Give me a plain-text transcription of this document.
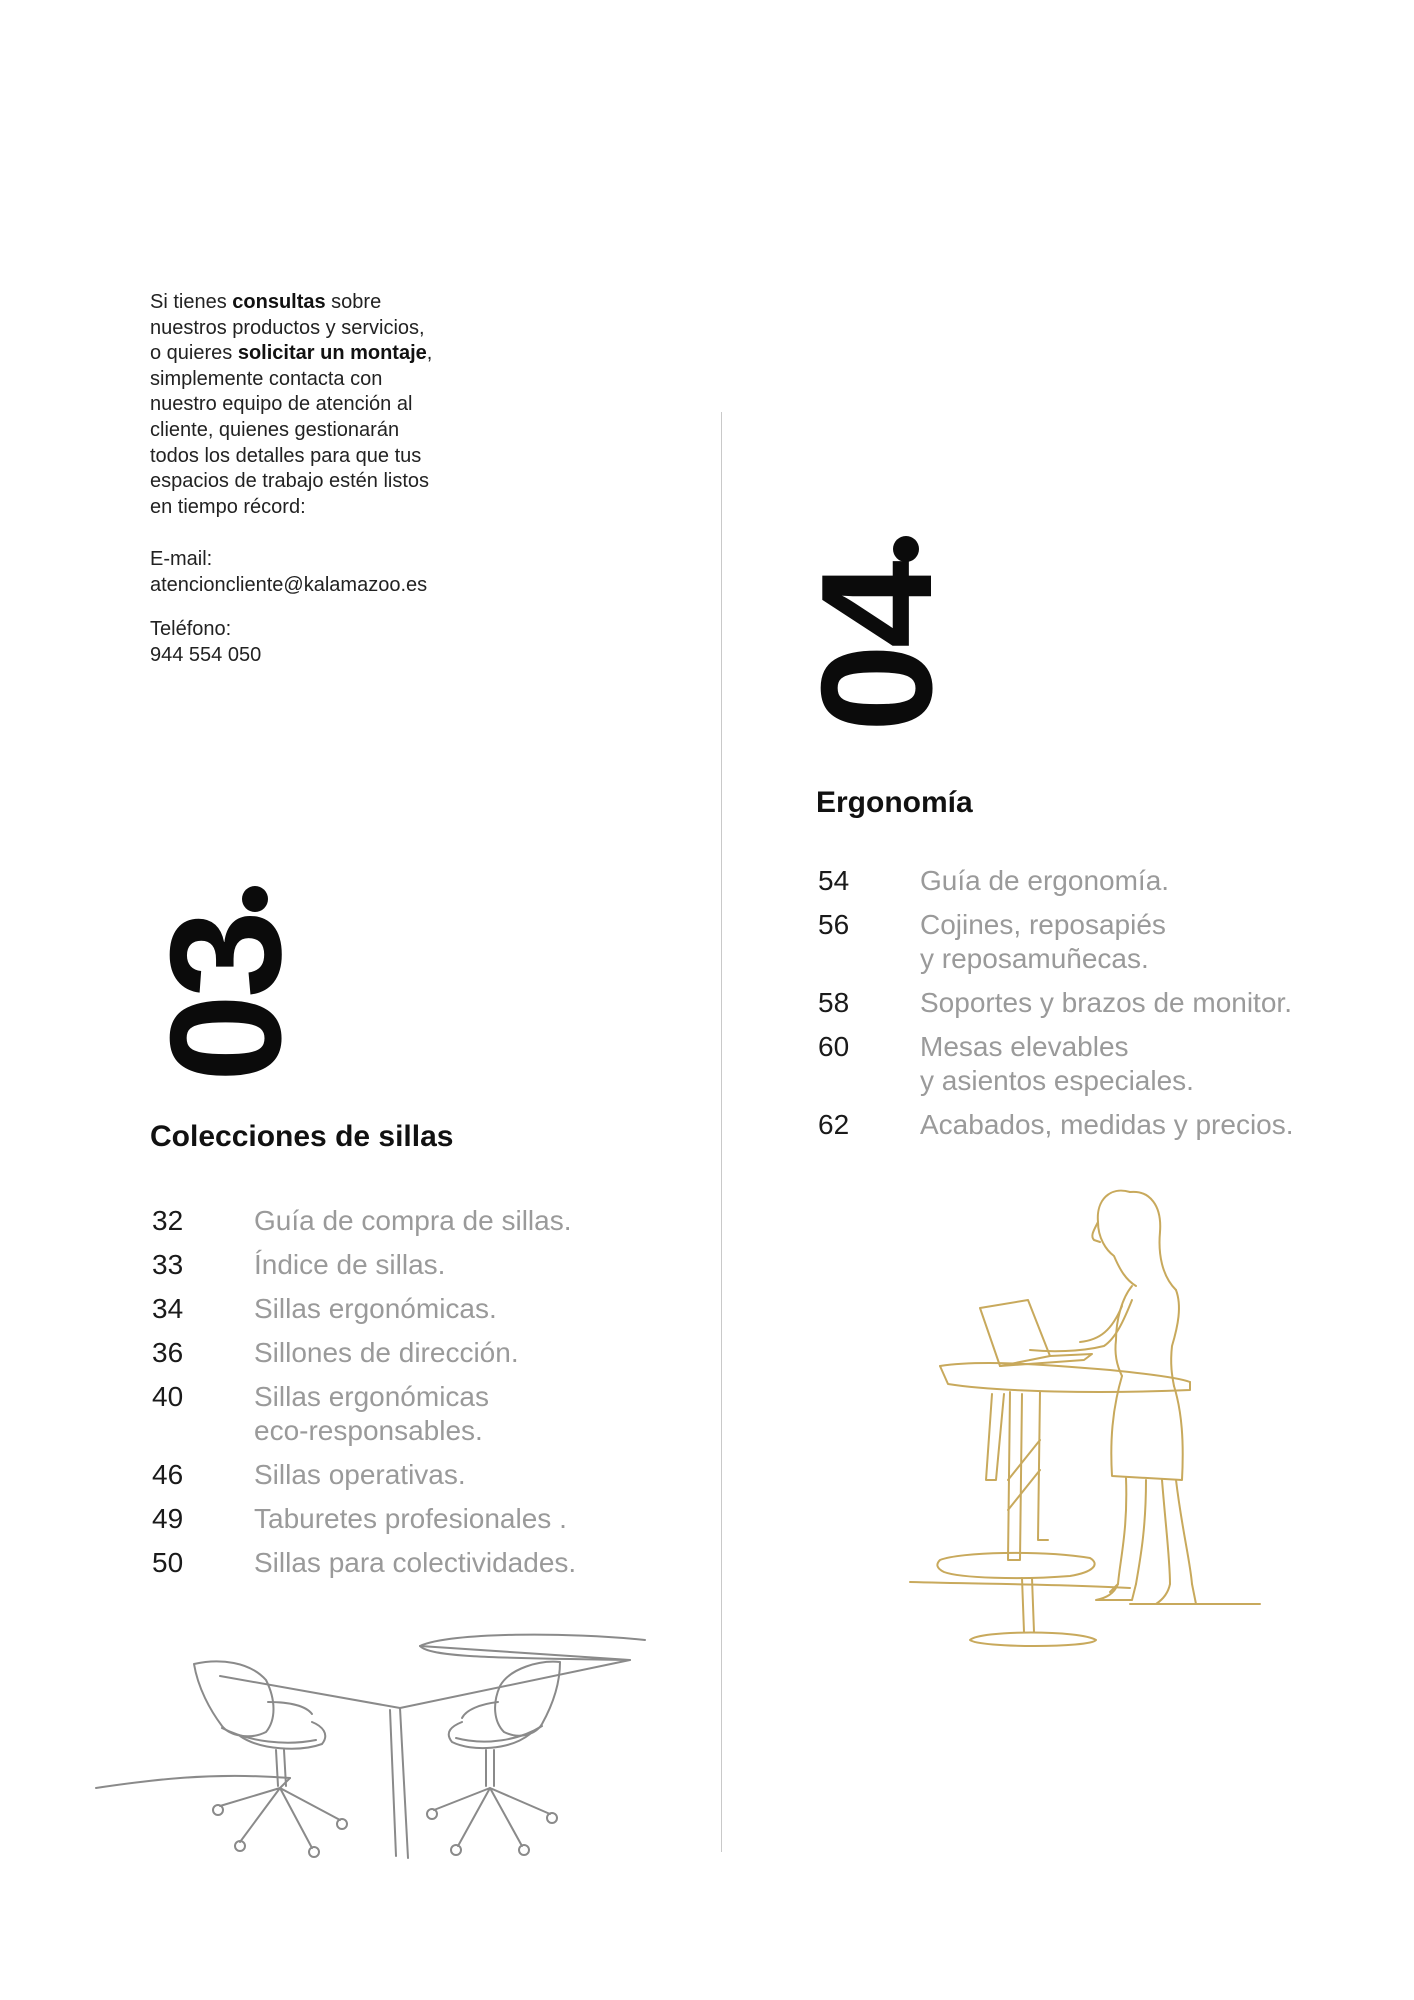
Si tienes consultas sobre

nuestros productos y servicios,

o quieres solicitar un montaje,

simplemente contacta con

nuestro equipo de atención al

cliente, quienes gestionarán

todos los detalles para que tus

espacios de trabajo estén listos

en tiempo récord:

E-mail:
atencioncliente@kalamazoo.es
Teléfono:
944 554 050
03
Colecciones de sillas
32	Guía de compra de sillas.
33	Índice de sillas.
34	Sillas ergonómicas.
36	Sillones de dirección.
40	Sillas ergonómicas
eco-responsables.
46	Sillas operativas.
49	Taburetes profesionales .
50	Sillas para colectividades.
04
Ergonomía
54	Guía de ergonomía.
56	Cojines, reposapiés
y reposamuñecas.
58	Soportes y brazos de monitor.
60	Mesas elevables
y asientos especiales.
62	Acabados, medidas y precios.
